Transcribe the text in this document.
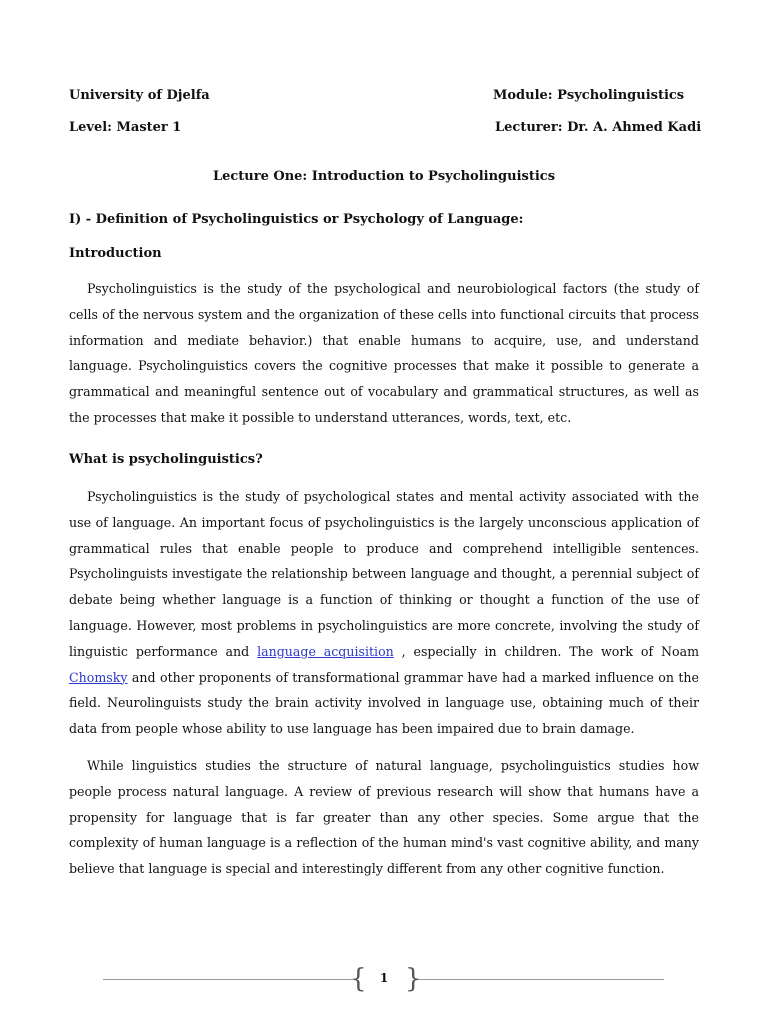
University of Djelfa	Module: Psycholinguistics
Level: Master 1	Lecturer: Dr. A. Ahmed Kadi
Lecture One: Introduction to Psycholinguistics
I) - Definition of Psycholinguistics or Psychology of Language:
Introduction

Psycholinguistics is the study of the psychological and neurobiological factors (the study of cells of the nervous system and the organization of these cells into functional circuits that process information and mediate behavior.) that enable humans to acquire, use, and understand language. Psycholinguistics covers the cognitive processes that make it possible to generate a grammatical and meaningful sentence out of vocabulary and grammatical structures, as well as the processes that make it possible to understand utterances, words, text, etc.

What is psycholinguistics?

Psycholinguistics is the study of psychological states and mental activity associated with the use of language. An important focus of psycholinguistics is the largely unconscious application of grammatical rules that enable people to produce and comprehend intelligible sentences. Psycholinguists investigate the relationship between language and thought, a perennial subject of debate being whether language is a function of thinking or thought a function of the use of language. However, most problems in psycholinguistics are more concrete, involving the study of linguistic performance and language acquisition , especially in children. The work of Noam Chomsky and other proponents of transformational grammar have had a marked influence on the field. Neurolinguists study the brain activity involved in language use, obtaining much of their data from people whose ability to use language has been impaired due to brain damage.

While linguistics studies the structure of natural language, psycholinguistics studies how people process natural language. A review of previous research will show that humans have a propensity for language that is far greater than any other species. Some argue that the complexity of human language is a reflection of the human mind's vast cognitive ability, and many believe that language is special and interestingly different from any other cognitive function.

{ }
1
